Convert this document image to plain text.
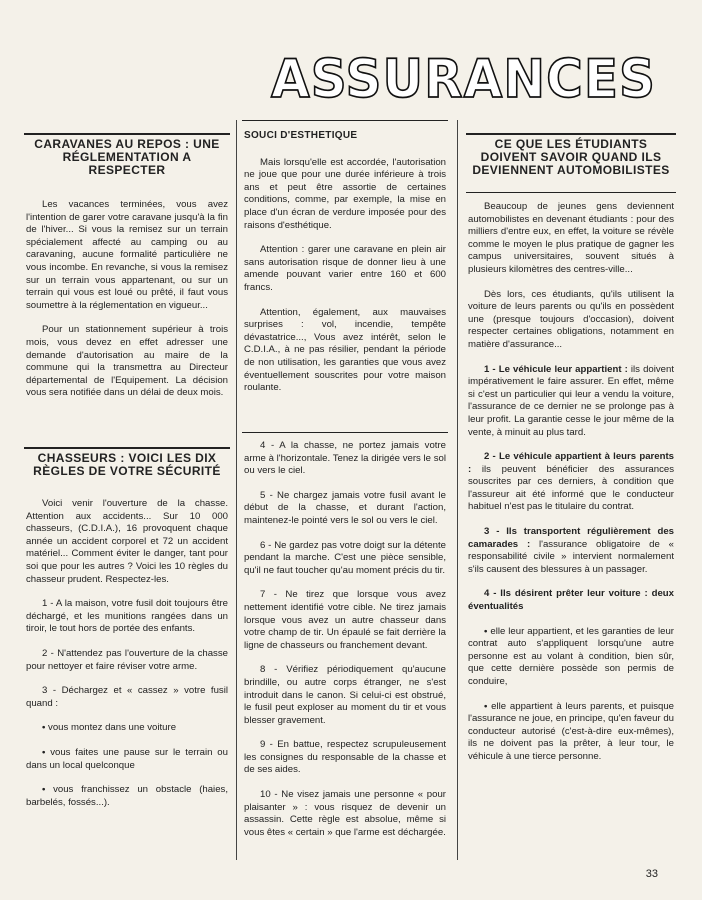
ASSURANCES
CARAVANES AU REPOS : UNE RÉGLEMENTATION A RESPECTER

Les vacances terminées, vous avez l'intention de garer votre caravane jusqu'à la fin de l'hiver... Si vous la remisez sur un terrain spécialement affecté au camping ou au caravaning, aucune formalité particulière ne vous incombe. En revanche, si vous la remisez sur un terrain vous appartenant, ou sur un terrain qui vous est loué ou prêté, il faut vous soumettre à la réglementation en vigueur...

Pour un stationnement supérieur à trois mois, vous devez en effet adresser une demande d'autorisation au maire de la commune qui la transmettra au Directeur départemental de l'Equipement. La décision vous sera notifiée dans un délai de deux mois.

SOUCI D'ESTHETIQUE

Mais lorsqu'elle est accordée, l'autorisation ne joue que pour une durée inférieure à trois ans et peut être assortie de certaines conditions, comme, par exemple, la mise en place d'un écran de verdure imposée pour des raisons d'esthétique.

Attention : garer une caravane en plein air sans autorisation risque de donner lieu à une amende pouvant varier entre 160 et 600 francs.

Attention, également, aux mauvaises surprises : vol, incendie, tempête dévastatrice..., Vous avez intérêt, selon le C.D.I.A., à ne pas résilier, pendant la période de non utilisation, les garanties que vous avez éventuellement souscrites pour votre maison roulante.

CHASSEURS : VOICI LES DIX RÈGLES DE VOTRE SÉCURITÉ

Voici venir l'ouverture de la chasse. Attention aux accidents... Sur 10 000 chasseurs, (C.D.I.A.), 16 provoquent chaque année un accident corporel et 72 un accident matériel... Comment éviter le danger, tant pour soi que pour les autres ? Voici les 10 règles du chasseur prudent. Respectez-les.

1 - A la maison, votre fusil doit toujours être déchargé, et les munitions rangées dans un tiroir, le tout hors de portée des enfants.

2 - N'attendez pas l'ouverture de la chasse pour nettoyer et faire réviser votre arme.

3 - Déchargez et « cassez » votre fusil quand :

• vous montez dans une voiture

• vous faites une pause sur le terrain ou dans un local quelconque

• vous franchissez un obstacle (haies, barbelés, fossés...).

4 - A la chasse, ne portez jamais votre arme à l'horizontale. Tenez la dirigée vers le sol ou vers le ciel.

5 - Ne chargez jamais votre fusil avant le début de la chasse, et durant l'action, maintenez-le pointé vers le sol ou vers le ciel.

6 - Ne gardez pas votre doigt sur la détente pendant la marche. C'est une pièce sensible, qu'il ne faut toucher qu'au moment précis du tir.

7 - Ne tirez que lorsque vous avez nettement identifié votre cible. Ne tirez jamais lorsque vous avez un autre chasseur dans votre champ de tir. Un épaulé se fait derrière la ligne de chasseurs ou franchement devant.

8 - Vérifiez périodiquement qu'aucune brindille, ou autre corps étranger, ne s'est introduit dans le canon. Si celui-ci est obstrué, le fusil peut exploser au moment du tir et vous blesser gravement.

9 - En battue, respectez scrupuleusement les consignes du responsable de la chasse et de ses aides.

10 - Ne visez jamais une personne « pour plaisanter » : vous risquez de devenir un assassin. Cette règle est absolue, même si vous êtes « certain » que l'arme est déchargée.

CE QUE LES ÉTUDIANTS DOIVENT SAVOIR QUAND ILS DEVIENNENT AUTOMOBILISTES

Beaucoup de jeunes gens deviennent automobilistes en devenant étudiants : pour des milliers d'entre eux, en effet, la voiture se révèle comme le moyen le plus pratique de gagner les campus universitaires, souvent situés à plusieurs kilomètres des centres-ville...

Dès lors, ces étudiants, qu'ils utilisent la voiture de leurs parents ou qu'ils en possèdent une (presque toujours d'occasion), doivent respecter certaines obligations, notamment en matière d'assurance...

1 - Le véhicule leur appartient : ils doivent impérativement le faire assurer. En effet, même si c'est un particulier qui leur a vendu la voiture, l'assurance de ce dernier ne se prolonge pas à leur profit. La garantie cesse le jour même de la vente, à minuit au plus tard.

2 - Le véhicule appartient à leurs parents : ils peuvent bénéficier des assurances souscrites par ces derniers, à condition que l'assureur ait été informé que le conducteur habituel n'est pas le titulaire du contrat.

3 - Ils transportent régulièrement des camarades : l'assurance obligatoire de « responsabilité civile » intervient normalement s'ils causent des blessures à un passager.

4 - Ils désirent prêter leur voiture : deux éventualités

• elle leur appartient, et les garanties de leur contrat auto s'appliquent lorsqu'une autre personne est au volant à condition, bien sûr, que cette dernière possède son permis de conduire,

• elle appartient à leurs parents, et puisque l'assurance ne joue, en principe, qu'en faveur du conducteur autorisé (c'est-à-dire eux-mêmes), ils ne doivent pas la prêter, à leur tour, le véhicule à une tierce personne.

33
